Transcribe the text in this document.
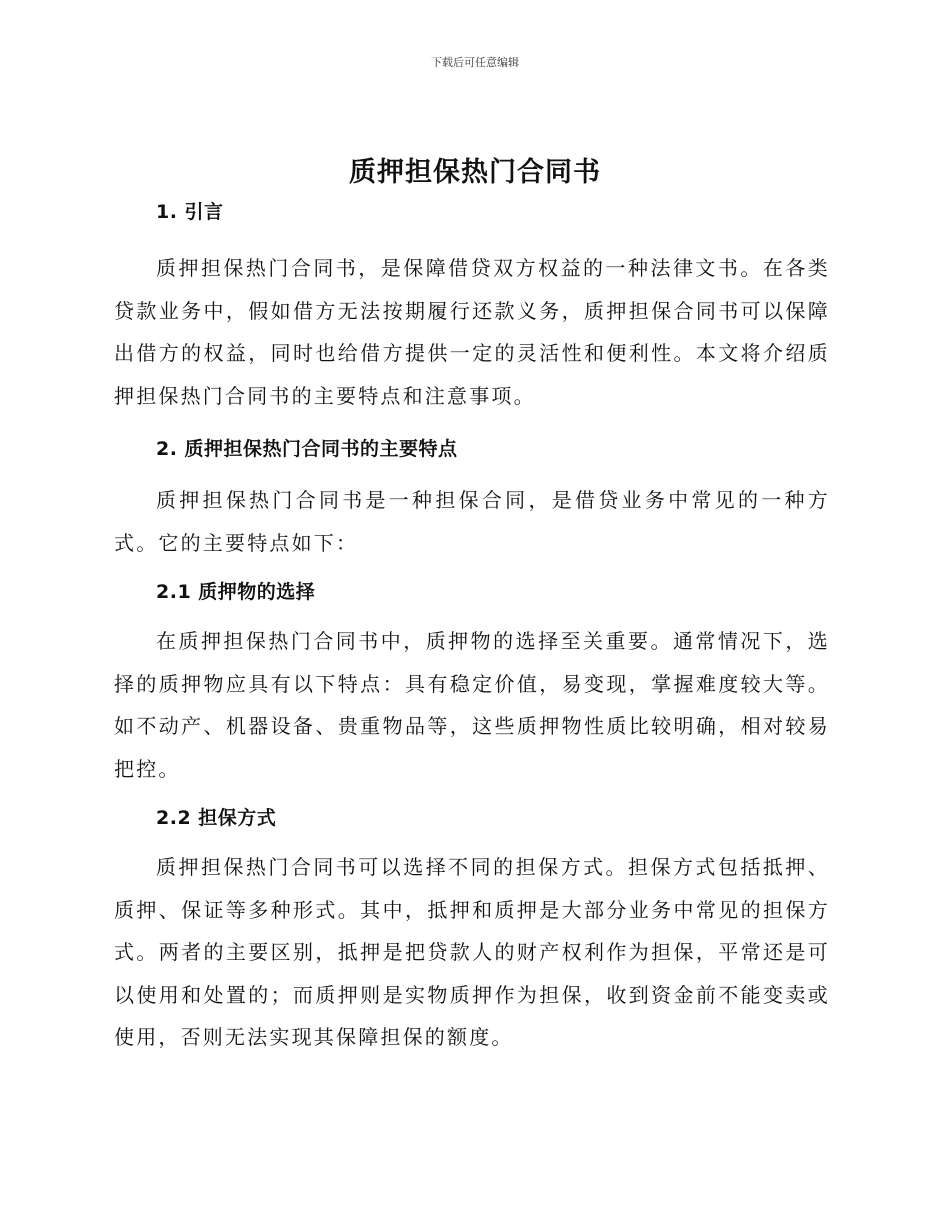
下载后可任意编辑
质押担保热门合同书
1. 引言

质押担保热门合同书，是保障借贷双方权益的一种法律文书。在各类贷款业务中，假如借方无法按期履行还款义务，质押担保合同书可以保障出借方的权益，同时也给借方提供一定的灵活性和便利性。本文将介绍质押担保热门合同书的主要特点和注意事项。

2. 质押担保热门合同书的主要特点

质押担保热门合同书是一种担保合同，是借贷业务中常见的一种方式。它的主要特点如下：

2.1 质押物的选择

在质押担保热门合同书中，质押物的选择至关重要。通常情况下，选择的质押物应具有以下特点：具有稳定价值，易变现，掌握难度较大等。如不动产、机器设备、贵重物品等，这些质押物性质比较明确，相对较易把控。

2.2 担保方式

质押担保热门合同书可以选择不同的担保方式。担保方式包括抵押、质押、保证等多种形式。其中，抵押和质押是大部分业务中常见的担保方式。两者的主要区别，抵押是把贷款人的财产权利作为担保，平常还是可以使用和处置的；而质押则是实物质押作为担保，收到资金前不能变卖或使用，否则无法实现其保障担保的额度。
